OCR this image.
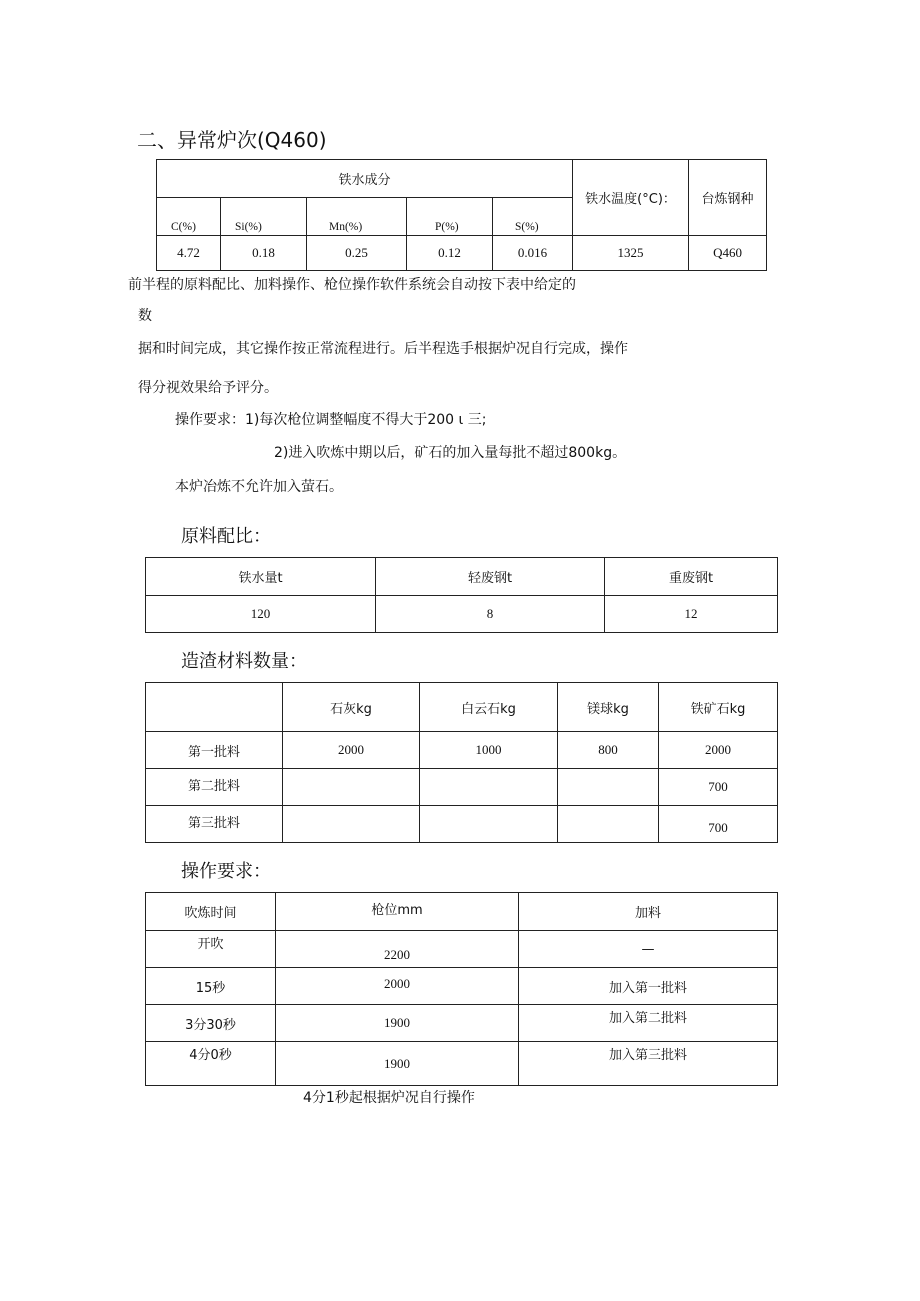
二、异常炉次(Q460)
铁水成分					铁水温度(°C)：	台炼钢种
C(%)	Si(%)	Mn(%)	P(%)	S(%)		
4.72	0.18	0.25	0.12	0.016	1325	Q460
前半程的原料配比、加料操作、枪位操作软件系统会自动按下表中给定的
数
据和时间完成，其它操作按正常流程进行。后半程选手根据炉况自行完成，操作
得分视效果给予评分。
操作要求：1)每次枪位调整幅度不得大于200 ι 三;
2)进入吹炼中期以后，矿石的加入量每批不超过800kg。
本炉冶炼不允许加入萤石。
原料配比：
铁水量t	轻废钢t	重废钢t
120	8	12
造渣材料数量：
	石灰kg	白云石kg	镁球kg	铁矿石kg
第一批料	2000	1000	800	2000
第二批料				700
第三批料				700
操作要求：
吹炼时间	枪位mm	加料
开吹	2200	—
15秒	2000	加入第一批料
3分30秒	1900	加入第二批料
4分0秒	1900	加入第三批料
4分1秒起根据炉况自行操作
